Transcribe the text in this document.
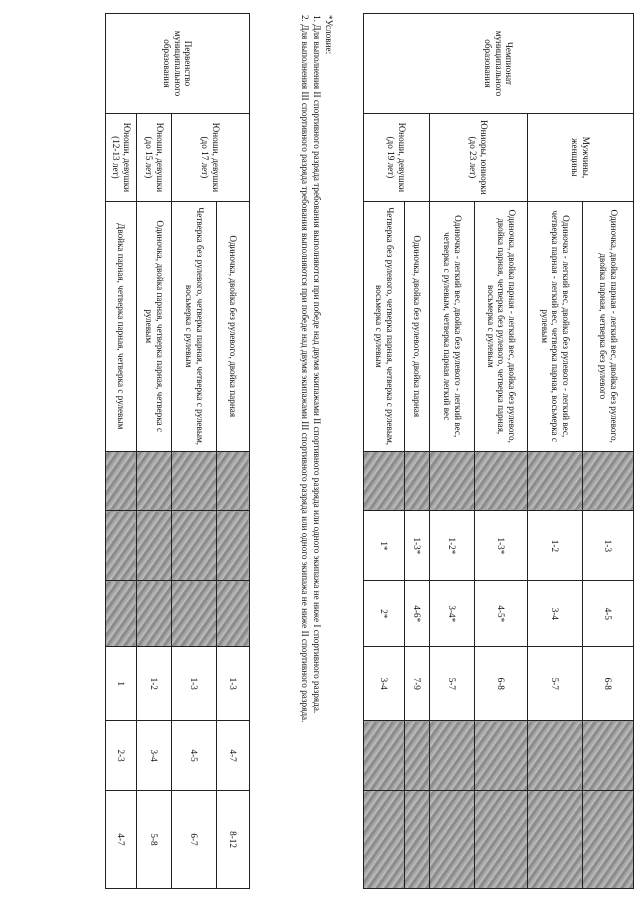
Чемпионат муниципального образования	Мужчины, женщины	Одиночка, двойка парная - легкий вес, двойка без рулевого, двойка парная, четверка без рулевого		1-3	4-5	6-8		
		Одиночка - легкий вес, двойка без рулевого - легкий вес, четверка парная - легкий вес, четверка парная, восьмерка с рулевым		1-2	3-4	5-7		
	Юниоры, юниорки (до 23 лет)	Одиночка, двойка парная - легкий вес, двойка без рулевого, двойка парная, четверка без рулевого, четверка парная, восьмерка с рулевым		1-3*	4-5*	6-8		
		Одиночка - легкий вес, двойка без рулевого - легкий вес, четверка с рулевым, четверка парная легкий вес		1-2*	3-4*	5-7		
	Юноши, девушки (до 19 лет)	Одиночка, двойка без рулевого, двойка парная		1-3*	4-6*	7-9		
		Четверка без рулевого, четверка парная, четверка с рулевым, восьмерка с рулевым		1*	2*	3-4		

*Условие:

1. Для выполнения II спортивного разряда требования выполняются при победе над двумя экипажами II спортивного разряда или одного экипажа не ниже I спортивного разряда.

2. Для выполнения III спортивного разряда требования выполняются при победе над двумя экипажами III спортивного разряда или одного экипажа не ниже II спортивного разряда.

Первенство муниципального образования	Юноши, девушки (до 17 лет)	Одиночка, двойка без рулевого, двойка парная				1-3	4-7	8-12
		Четверка без рулевого, четверка парная, четверка с рулевым, восьмерка с рулевым				1-3	4-5	6-7
	Юноши, девушки (до 15 лет)	Одиночка, двойка парная, четверка парная, четверка с рулевым				1-2	3-4	5-8
	Юноши, девушки (12-13 лет)	Двойка парная, четверка парная, четверка с рулевым				1	2-3	4-7
